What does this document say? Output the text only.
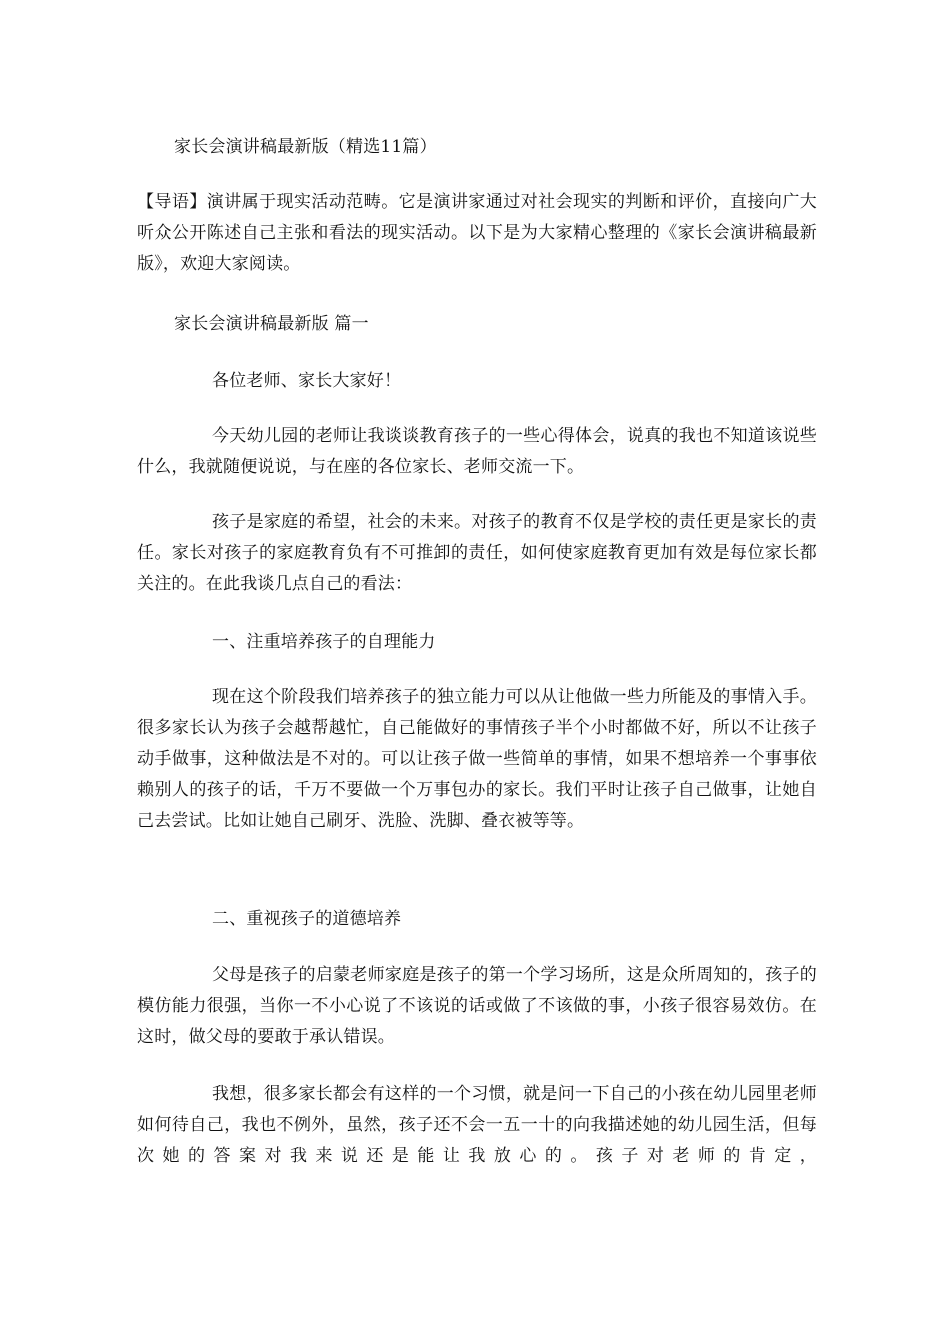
家长会演讲稿最新版（精选11篇）

【导语】演讲属于现实活动范畴。它是演讲家通过对社会现实的判断和评价，直接向广大听众公开陈述自己主张和看法的现实活动。以下是为大家精心整理的《家长会演讲稿最新版》，欢迎大家阅读。

家长会演讲稿最新版 篇一

各位老师、家长大家好！

今天幼儿园的老师让我谈谈教育孩子的一些心得体会，说真的我也不知道该说些什么，我就随便说说，与在座的各位家长、老师交流一下。

孩子是家庭的希望，社会的未来。对孩子的教育不仅是学校的责任更是家长的责任。家长对孩子的家庭教育负有不可推卸的责任，如何使家庭教育更加有效是每位家长都关注的。在此我谈几点自己的看法：

一、注重培养孩子的自理能力

现在这个阶段我们培养孩子的独立能力可以从让他做一些力所能及的事情入手。很多家长认为孩子会越帮越忙，自己能做好的事情孩子半个小时都做不好，所以不让孩子动手做事，这种做法是不对的。可以让孩子做一些简单的事情，如果不想培养一个事事依赖别人的孩子的话，千万不要做一个万事包办的家长。我们平时让孩子自己做事，让她自己去尝试。比如让她自己刷牙、洗脸、洗脚、叠衣被等等。

二、重视孩子的道德培养

父母是孩子的启蒙老师家庭是孩子的第一个学习场所，这是众所周知的，孩子的模仿能力很强，当你一不小心说了不该说的话或做了不该做的事，小孩子很容易效仿。在这时，做父母的要敢于承认错误。

我想，很多家长都会有这样的一个习惯，就是问一下自己的小孩在幼儿园里老师如何待自己，我也不例外，虽然，孩子还不会一五一十的向我描述她的幼儿园生活，但每次她的答案对我来说还是能让我放心的。孩子对老师的肯定，
